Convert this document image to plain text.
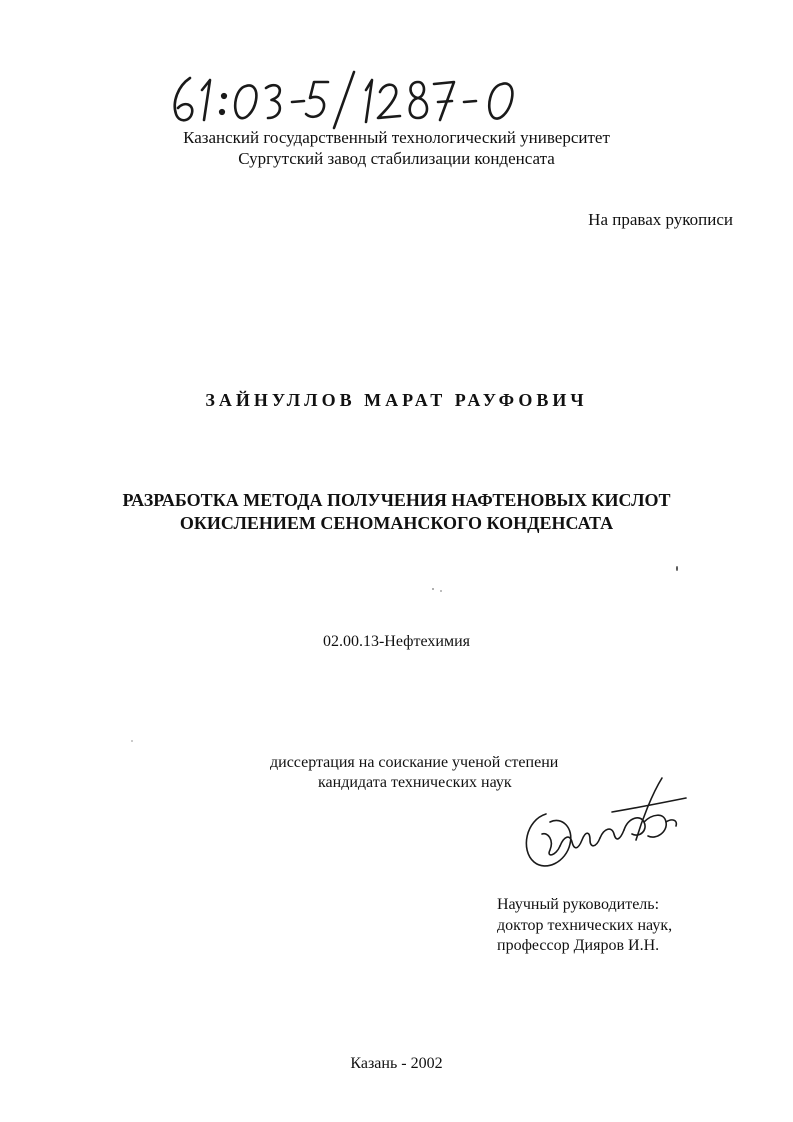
Казанский государственный технологический университет
Сургутский завод стабилизации конденсата
На правах рукописи
ЗАЙНУЛЛОВ МАРАТ РАУФОВИЧ
РАЗРАБОТКА МЕТОДА ПОЛУЧЕНИЯ НАФТЕНОВЫХ КИСЛОТ
ОКИСЛЕНИЕМ СЕНОМАНСКОГО КОНДЕНСАТА
02.00.13-Нефтехимия
диссертация на соискание ученой степени
кандидата технических наук
Научный руководитель:
доктор технических наук,
профессор Дияров И.Н.
Казань - 2002
